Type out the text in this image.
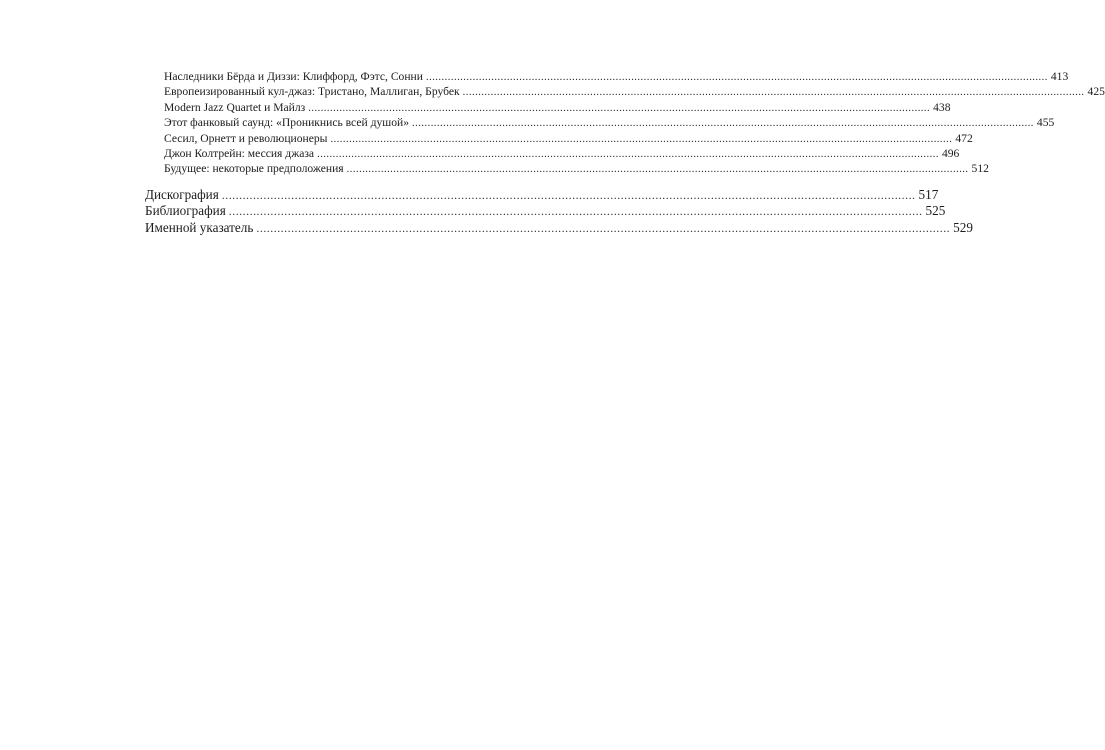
Наследники Бёрда и Диззи: Клиффорд, Фэтс, Сонни .....	413
Европеизированный кул-джаз: Тристано, Маллиган, Брубек .....	425
Modern Jazz Quartet и Майлз .....	438
Этот фанковый саунд: «Проникнись всей душой» .....	455
Сесил, Орнетт и революционеры .....	472
Джон Колтрейн: мессия джаза .....	496
Будущее: некоторые предположения .....	512
Дискография .....	517
Библиография .....	525
Именной указатель .....	529
